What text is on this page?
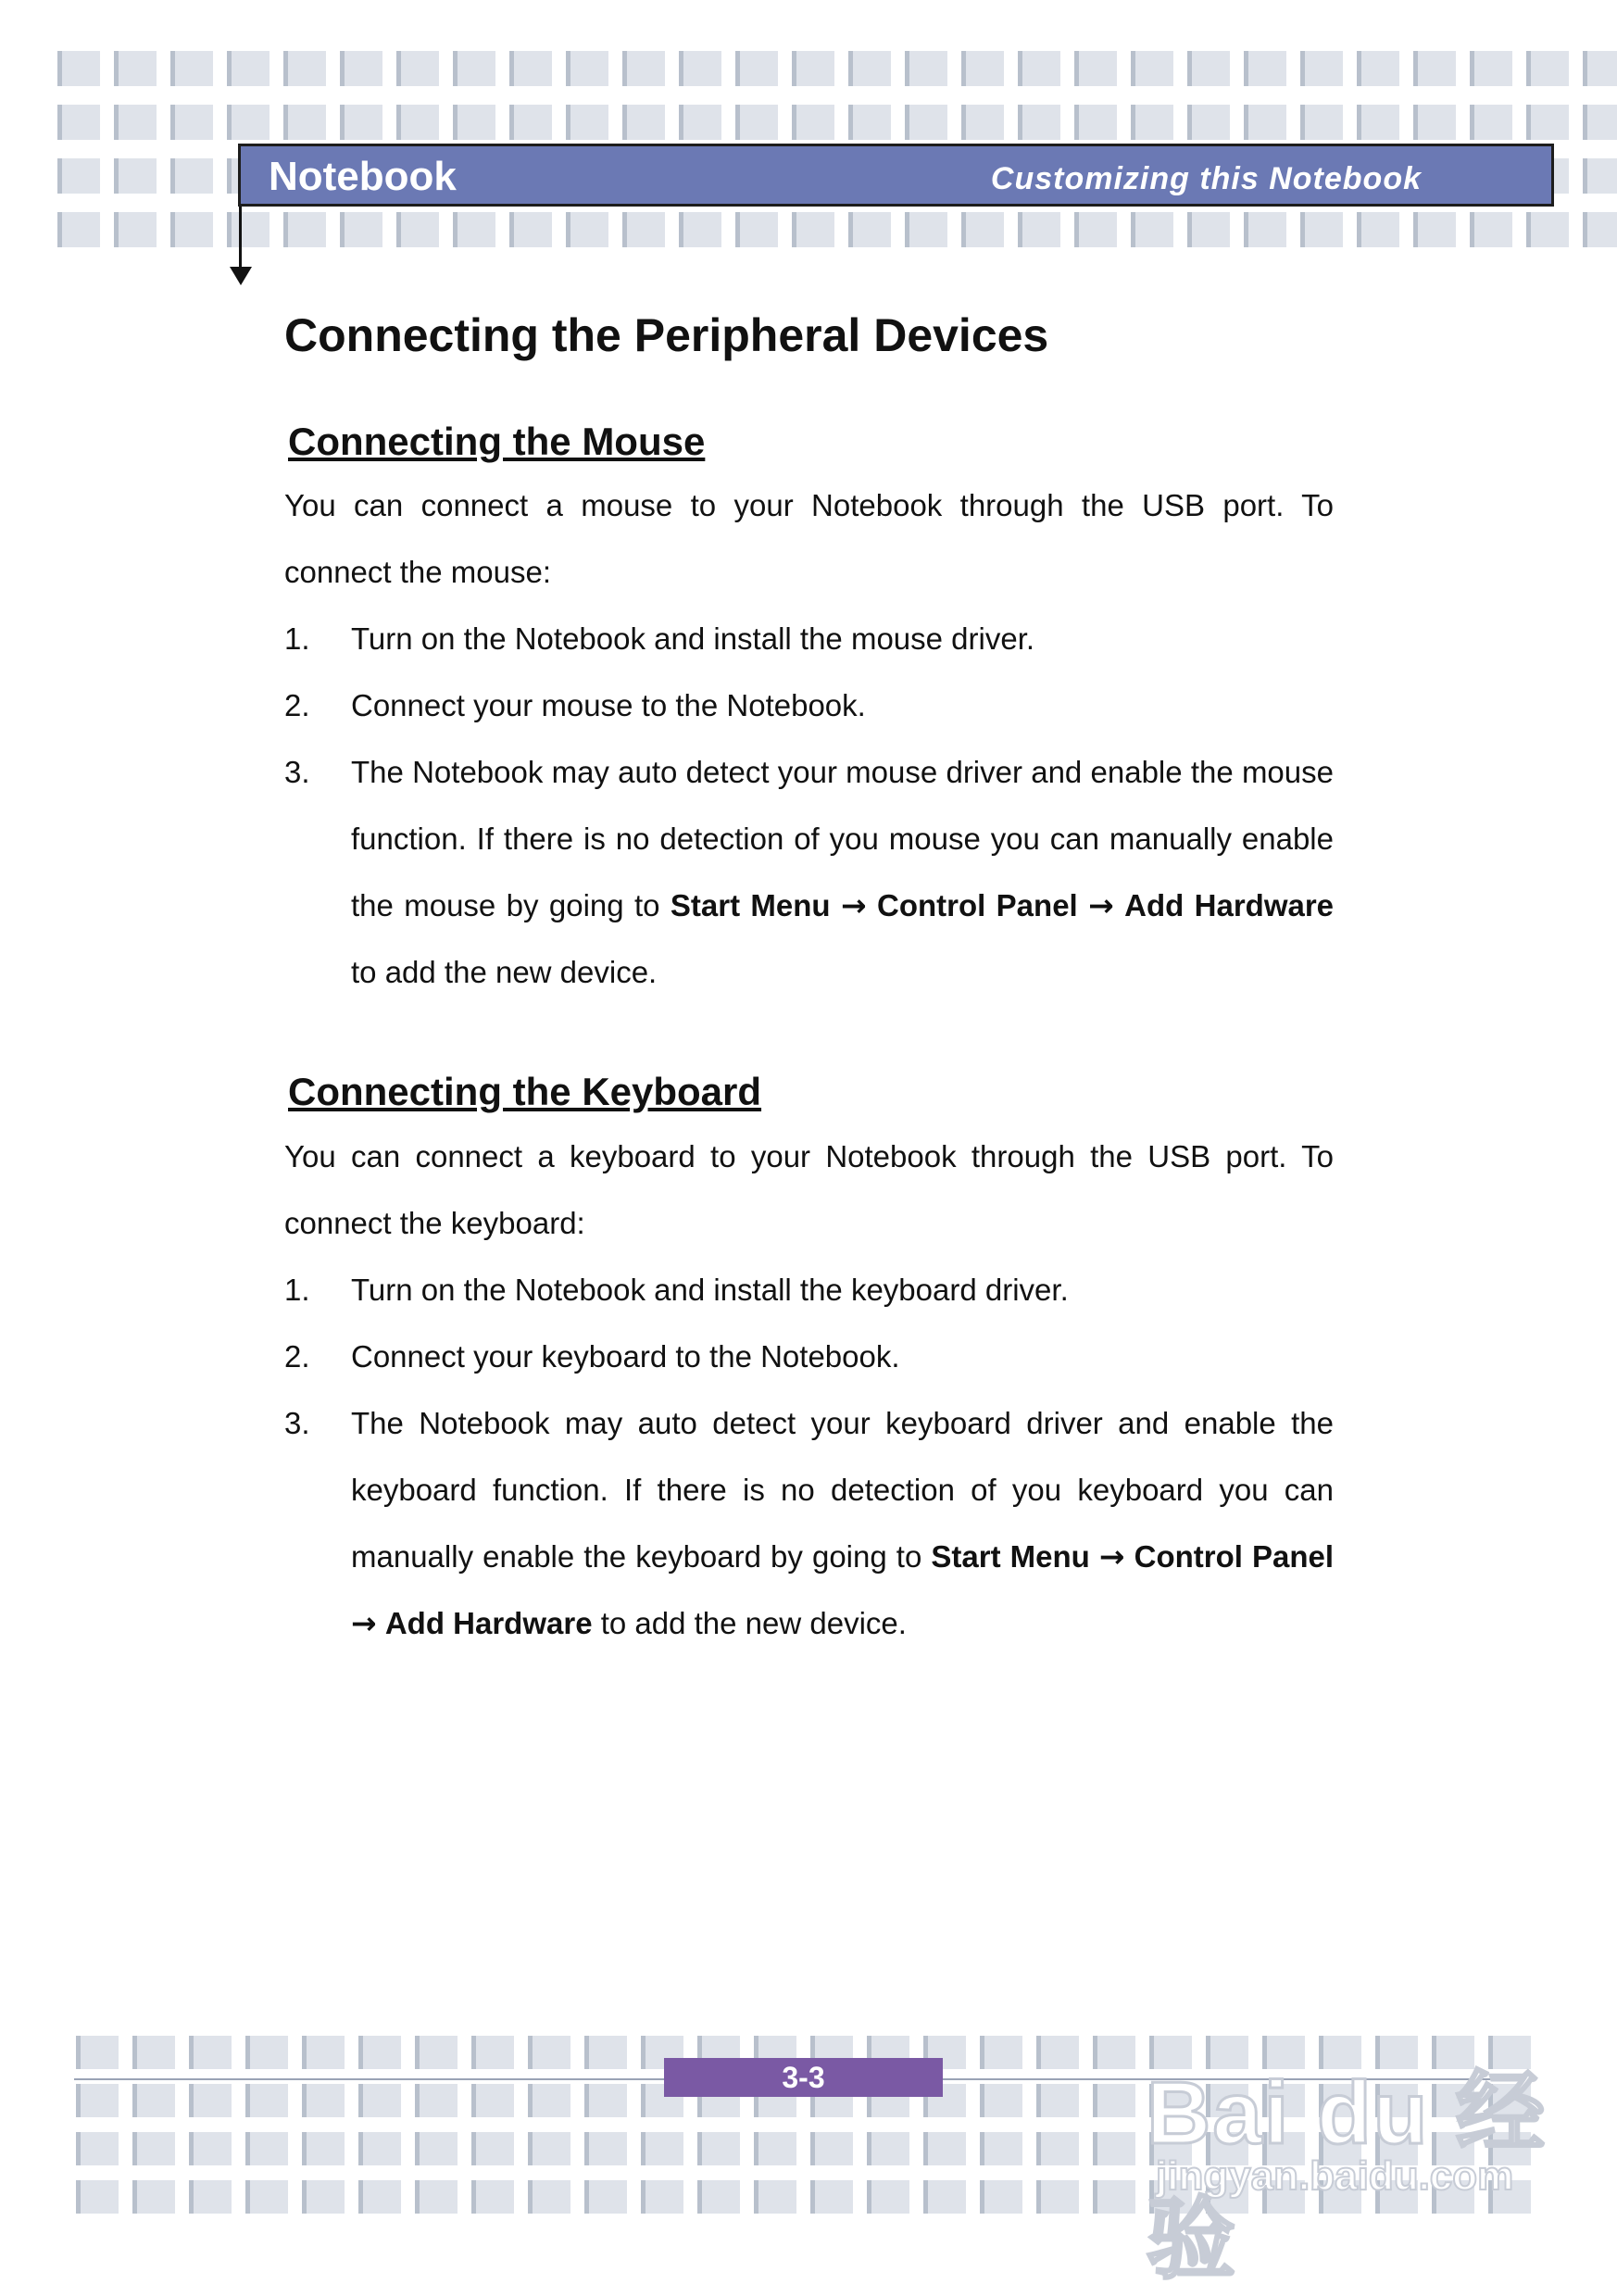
Notebook	Customizing this Notebook
Connecting the Peripheral Devices
Connecting the Mouse

You can connect a mouse to your Notebook through the USB port. To connect the mouse:

1. Turn on the Notebook and install the mouse driver.
2. Connect your mouse to the Notebook.
3. The Notebook may auto detect your mouse driver and enable the mouse function. If there is no detection of you mouse you can manually enable the mouse by going to Start Menu → Control Panel → Add Hardware to add the new device.
Connecting the Keyboard

You can connect a keyboard to your Notebook through the USB port. To connect the keyboard:

1. Turn on the Notebook and install the keyboard driver.
2. Connect your keyboard to the Notebook.
3. The Notebook may auto detect your keyboard driver and enable the keyboard function. If there is no detection of you keyboard you can manually enable the keyboard by going to Start Menu → Control Panel → Add Hardware to add the new device.
3-3	Bai du 经验
jingyan.baidu.com
